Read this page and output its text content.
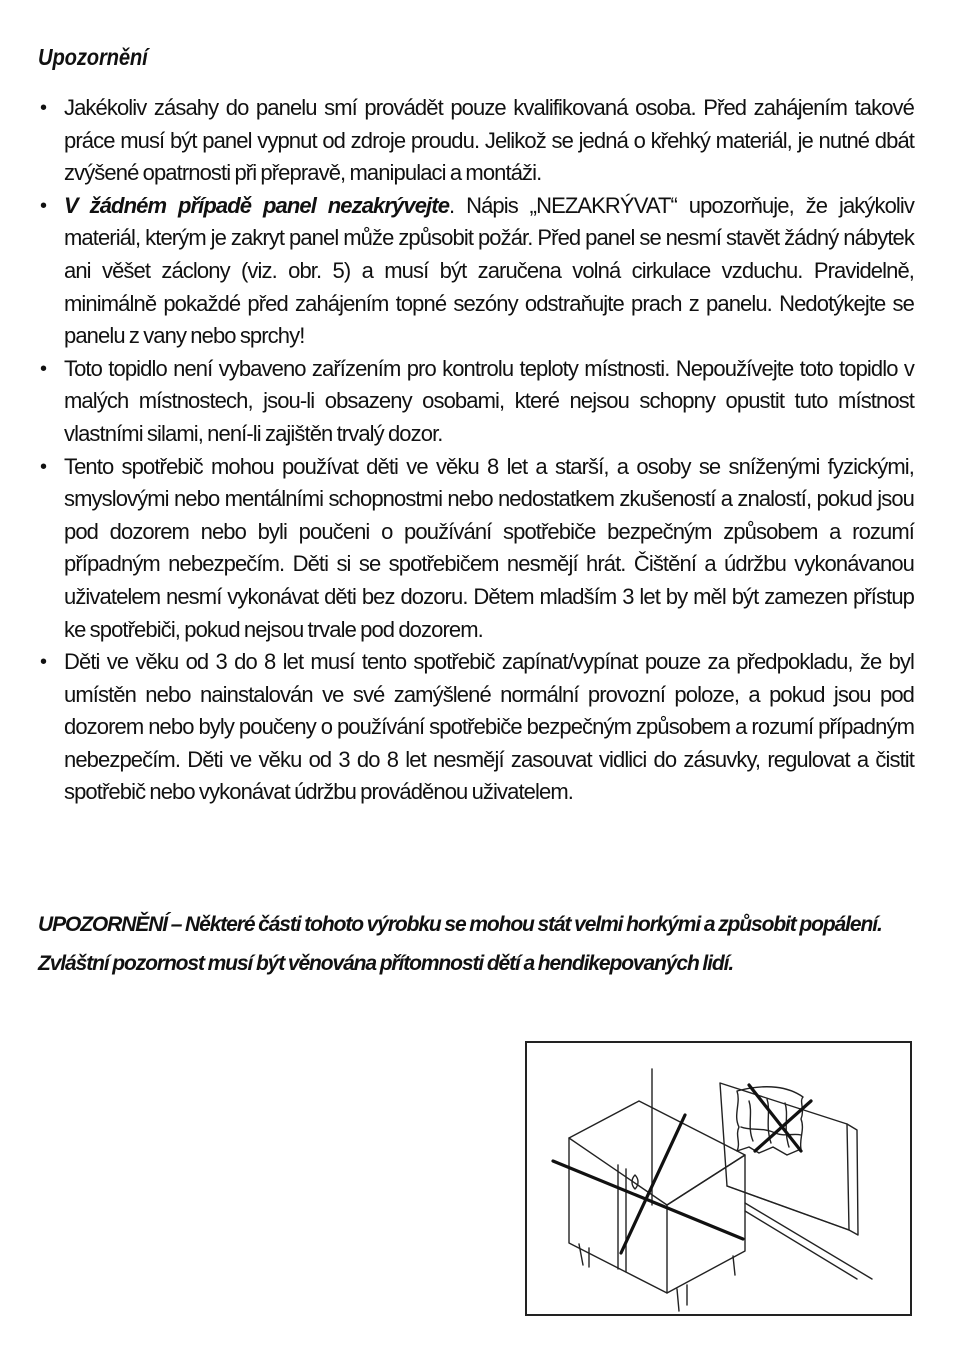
Upozornění
• Jakékoliv zásahy do panelu smí provádět pouze kvalifikovaná osoba. Před zahájením takové práce musí být panel vypnut od zdroje proudu. Jelikož se jedná o křehký materiál, je nutné dbát zvýšené opatrnosti při přepravě, manipulaci a montáži.
• V žádném případě panel nezakrývejte. Nápis „NEZAKRÝVAT“ upozorňuje, že jakýkoliv materiál, kterým je zakryt panel může způsobit požár. Před panel se nesmí stavět žádný nábytek ani věšet záclony (viz. obr. 5) a musí být zaručena volná cirkulace vzduchu. Pravidelně, minimálně pokaždé před zahájením topné sezóny odstraňujte prach z panelu. Nedotýkejte se panelu z vany nebo sprchy!
• Toto topidlo není vybaveno zařízením pro kontrolu teploty místnosti. Nepoužívejte toto topidlo v malých místnostech, jsou-li obsazeny osobami, které nejsou schopny opustit tuto místnost vlastními silami, není-li zajištěn trvalý dozor.
• Tento spotřebič mohou používat děti ve věku 8 let a starší, a osoby se sníženými fyzickými, smyslovými nebo mentálními schopnostmi nebo nedostatkem zkušeností a znalostí, pokud jsou pod dozorem nebo byli poučeni o používání spotřebiče bezpečným způsobem a rozumí případným nebezpečím. Děti si se spotřebičem nesmějí hrát. Čištění a údržbu vykonávanou uživatelem nesmí vykonávat děti bez dozoru. Dětem mladším 3 let by měl být zamezen přístup ke spotřebiči, pokud nejsou trvale pod dozorem.
• Děti ve věku od 3 do 8 let musí tento spotřebič zapínat/vypínat pouze za předpokladu, že byl umístěn nebo nainstalován ve své zamýšlené normální provozní poloze, a pokud jsou pod dozorem nebo byly poučeny o používání spotřebiče bezpečným způsobem a rozumí případným nebezpečím. Děti ve věku od 3 do 8 let nesmějí zasouvat vidlici do zásuvky, regulovat a čistit spotřebič nebo vykonávat údržbu prováděnou uživatelem.
UPOZORNĚNÍ – Některé části tohoto výrobku se mohou stát velmi horkými a způsobit popálení. Zvláštní pozornost musí být věnována přítomnosti dětí a hendikepovaných lidí.
